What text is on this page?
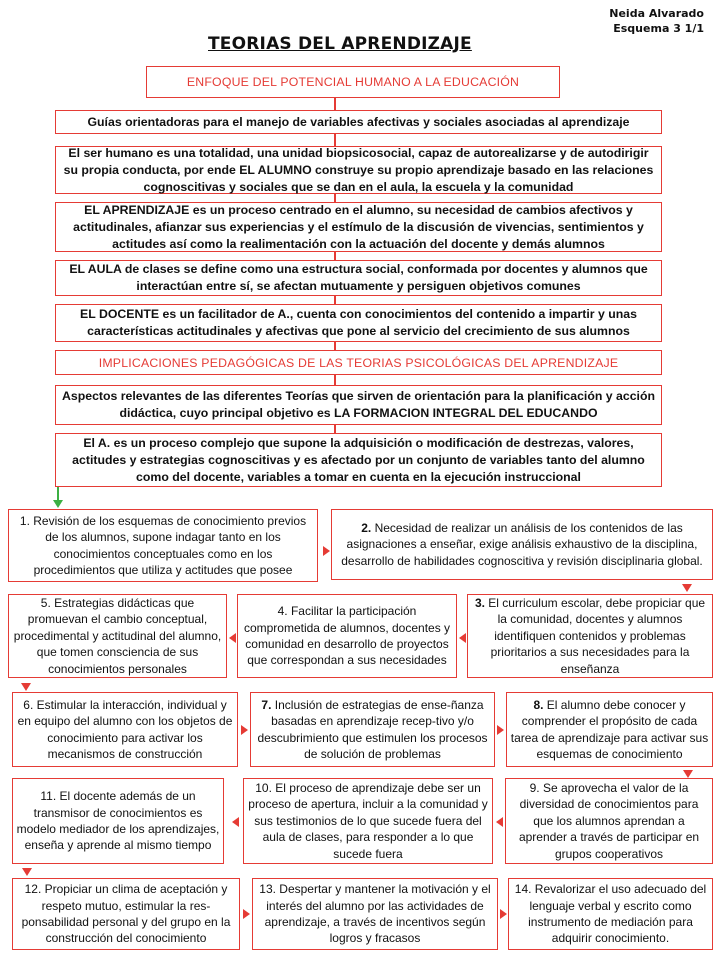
Neida Alvarado
Esquema 3 1/1
TEORIAS DEL APRENDIZAJE
ENFOQUE DEL POTENCIAL HUMANO A LA EDUCACIÓN
Guías orientadoras para el manejo de variables afectivas y sociales asociadas al aprendizaje
El ser humano es una totalidad, una unidad biopsicosocial, capaz de autorealizarse y de autodirigir su propia conducta, por ende EL ALUMNO construye su propio aprendizaje basado en las relaciones cognoscitivas y sociales que se dan en el aula, la escuela y la comunidad
EL APRENDIZAJE es un proceso centrado en el alumno, su necesidad de cambios afectivos y actitudinales, afianzar sus experiencias y el estímulo de la discusión de vivencias, sentimientos y actitudes así como la realimentación con la actuación del docente y demás alumnos
EL AULA de clases se define como una estructura social, conformada por docentes y alumnos que interactúan entre sí, se afectan mutuamente y persiguen objetivos comunes
EL DOCENTE es un facilitador de A., cuenta con conocimientos del contenido a impartir y unas características actitudinales y afectivas que pone al servicio del crecimiento de sus alumnos
IMPLICACIONES PEDAGÓGICAS DE LAS TEORIAS PSICOLÓGICAS DEL APRENDIZAJE
Aspectos relevantes de las diferentes Teorías que sirven de orientación para la planificación y acción didáctica, cuyo principal objetivo es LA FORMACION INTEGRAL DEL EDUCANDO
El A. es un proceso complejo que supone la adquisición o modificación de destrezas, valores, actitudes y estrategias cognoscitivas y es afectado por un conjunto de variables tanto del alumno como del docente, variables a tomar en cuenta en la ejecución instruccional
1. Revisión de los esquemas de conocimiento previos de los alumnos, supone indagar tanto en los conocimientos conceptuales como en los procedimientos que utiliza y actitudes que posee
2. Necesidad de realizar un análisis de los contenidos de las asignaciones a enseñar, exige análisis exhaustivo de la disciplina, desarrollo de habilidades cognoscitiva y revisión disciplinaria global.
5. Estrategias didácticas que promuevan el cambio conceptual, procedimental y actitudinal del alumno, que tomen consciencia de sus conocimientos personales
4. Facilitar la participación comprometida de alumnos, docentes y comunidad en desarrollo de proyectos que correspondan a sus necesidades
3. El curriculum escolar, debe propiciar que la comunidad, docentes y alumnos identifiquen contenidos y problemas prioritarios a sus necesidades para la enseñanza
6. Estimular la interacción, individual y en equipo del alumno con los objetos de conocimiento para activar los mecanismos de construcción
7. Inclusión de estrategias de ense-ñanza basadas en aprendizaje recep-tivo y/o descubrimiento que estimulen los procesos de solución de problemas
8. El alumno debe conocer y comprender el propósito de cada tarea de aprendizaje para activar sus esquemas de conocimiento
11. El docente además de un transmisor de conocimientos es modelo mediador de los aprendizajes, enseña y aprende al mismo tiempo
10. El proceso de aprendizaje debe ser un proceso de apertura, incluir a la comunidad y sus testimonios de lo que sucede fuera del aula de clases, para responder a lo que sucede fuera
9. Se aprovecha el valor de la diversidad de conocimientos para que los alumnos aprendan a aprender a través de participar en grupos cooperativos
12. Propiciar un clima de aceptación y respeto mutuo, estimular la res-ponsabilidad personal y del grupo en la construcción del conocimiento
13. Despertar y mantener la motivación y el interés del alumno por las actividades de aprendizaje, a través de incentivos según logros y fracasos
14. Revalorizar el uso adecuado del lenguaje verbal y escrito como instrumento de mediación para adquirir conocimiento.
